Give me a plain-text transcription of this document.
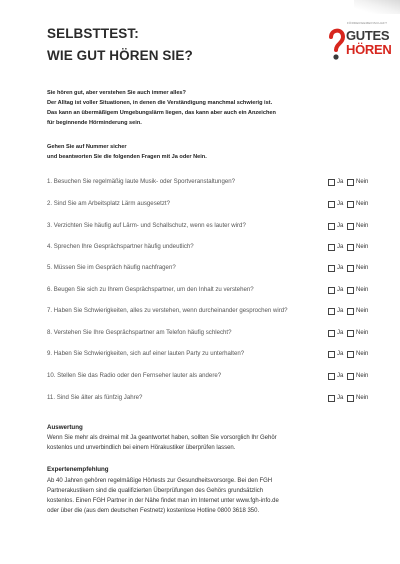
SELBSTTEST:
WIE GUT HÖREN SIE?
FÖRDERGEMEINSCHAFT
GUTES
HÖREN
Sie hören gut, aber verstehen Sie auch immer alles?
Der Alltag ist voller Situationen, in denen die Verständigung manchmal schwierig ist.
Das kann an übermäßigem Umgebungslärm liegen, das kann aber auch ein Anzeichen
für beginnende Hörminderung sein.
Gehen Sie auf Nummer sicher
und beantworten Sie die folgenden Fragen mit Ja oder Nein.
1. Besuchen Sie regelmäßig laute Musik- oder Sportveranstaltungen?	Ja Nein
2. Sind Sie am Arbeitsplatz Lärm ausgesetzt?	Ja Nein
3. Verzichten Sie häufig auf Lärm- und Schallschutz, wenn es lauter wird?	Ja Nein
4. Sprechen Ihre Gesprächspartner häufig undeutlich?	Ja Nein
5. Müssen Sie im Gespräch häufig nachfragen?	Ja Nein
6. Beugen Sie sich zu Ihrem Gesprächspartner, um den Inhalt zu verstehen?	Ja Nein
7. Haben Sie Schwierigkeiten, alles zu verstehen, wenn durcheinander gesprochen wird?	Ja Nein
8. Verstehen Sie Ihre Gesprächspartner am Telefon häufig schlecht?	Ja Nein
9. Haben Sie Schwierigkeiten, sich auf einer lauten Party zu unterhalten?	Ja Nein
10. Stellen Sie das Radio oder den Fernseher lauter als andere?	Ja Nein
11. Sind Sie älter als fünfzig Jahre?	Ja Nein
Auswertung
Wenn Sie mehr als dreimal mit Ja geantwortet haben, sollten Sie vorsorglich Ihr Gehör
kostenlos und unverbindlich bei einem Hörakustiker überprüfen lassen.
Expertenempfehlung
Ab 40 Jahren gehören regelmäßige Hörtests zur Gesundheitsvorsorge. Bei den FGH
Partnerakustikern sind die qualifizierten Überprüfungen des Gehörs grundsätzlich
kostenlos. Einen FGH Partner in der Nähe findet man im Internet unter www.fgh-info.de
oder über die (aus dem deutschen Festnetz) kostenlose Hotline 0800 3618 350.
